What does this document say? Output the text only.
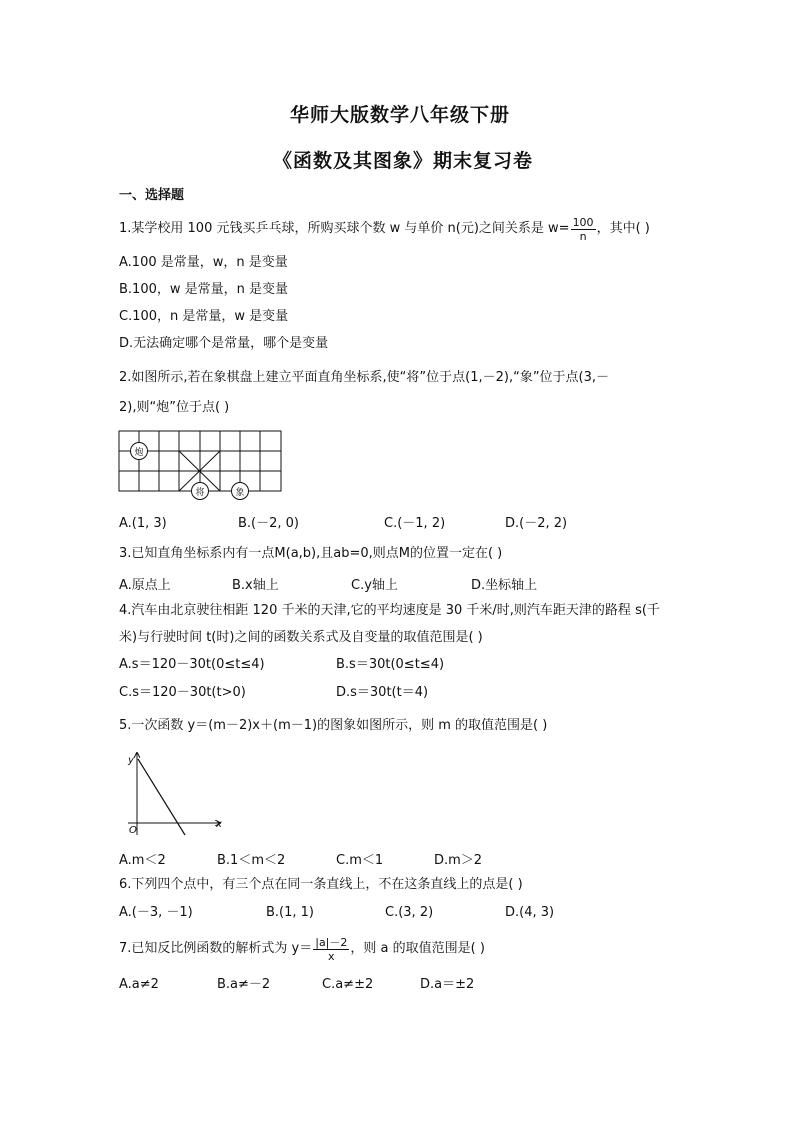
华师大版数学八年级下册
《函数及其图象》期末复习卷
一、选择题
1.某学校用 100 元钱买乒乓球，所购买球个数 w 与单价 n(元)之间关系是 $w= \frac{100}{n}$ ，其中( )
A.100 是常量，w，n 是变量
B.100，w 是常量，n 是变量
C.100，n 是常量，w 是变量
D.无法确定哪个是常量，哪个是变量
2.如图所示,若在象棋盘上建立平面直角坐标系,使“将”位于点(1,－2),“象”位于点(3,－
2),则“炮”位于点( )
炮
将	象
A.(1, 3)	B.(－2, 0)	C.(－1, 2)	D.(－2, 2)
3.已知直角坐标系内有一点M(a,b),且ab=0,则点M的位置一定在( )
A.原点上	B.x轴上	C.y轴上	D.坐标轴上
4.汽车由北京驶往相距 120 千米的天津,它的平均速度是 30 千米/时,则汽车距天津的路程 s(千
米)与行驶时间 t(时)之间的函数关系式及自变量的取值范围是( )
A.s＝120－30t(0≤t≤4)	B.s＝30t(0≤t≤4)
C.s＝120－30t(t>0)	D.s＝30t(t＝4)
5.一次函数 y＝(m－2)x＋(m－1)的图象如图所示，则 m 的取值范围是( )
y
x
O
A.m＜2	B.1＜m＜2	C.m＜1	D.m＞2
6.下列四个点中，有三个点在同一条直线上，不在这条直线上的点是( )
A.(－3, －1)	B.(1, 1)	C.(3, 2)	D.(4, 3)
7.已知反比例函数的解析式为 $y= \frac{|a|-2}{x}$ ，则 a 的取值范围是( )
A.a≠2	B.a≠－2	C.a≠±2	D.a＝±2
